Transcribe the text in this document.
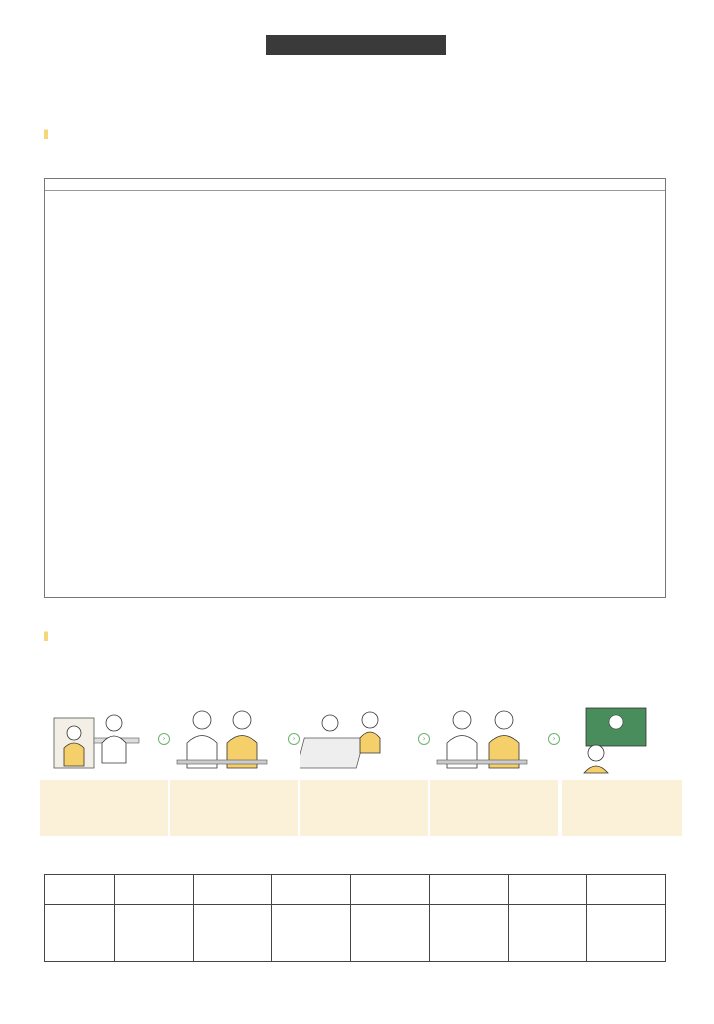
›	›	›	›
